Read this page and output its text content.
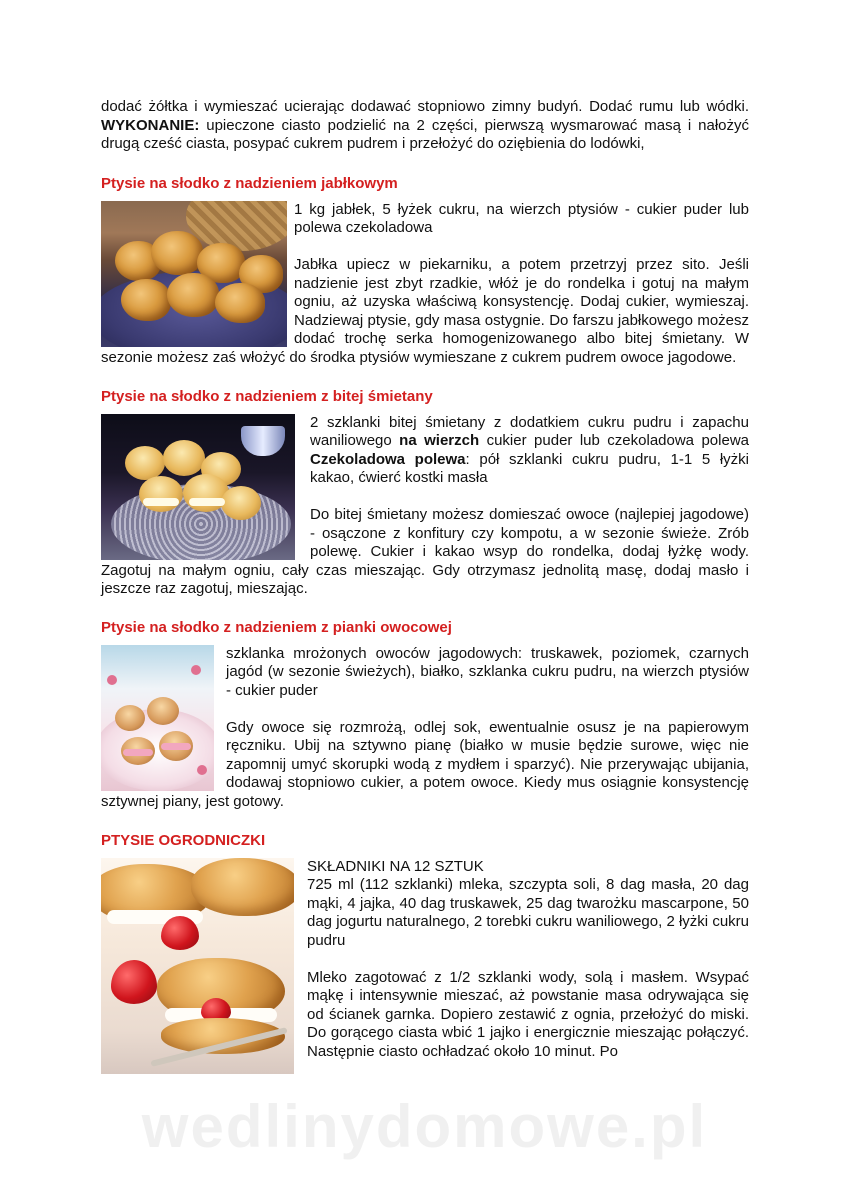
dodać żółtka i wymieszać ucierając dodawać stopniowo zimny budyń. Dodać rumu lub wódki. WYKONANIE: upieczone ciasto podzielić na 2 części, pierwszą wysmarować masą i nałożyć drugą cześć ciasta, posypać cukrem pudrem i przełożyć do oziębienia do lodówki,

Ptysie na słodko z nadzieniem jabłkowym

1 kg jabłek, 5 łyżek cukru, na wierzch ptysiów - cukier puder lub polewa czekoladowa

Jabłka upiecz w piekarniku, a potem przetrzyj przez sito. Jeśli nadzienie jest zbyt rzadkie, włóż je do rondelka i gotuj na małym ogniu, aż uzyska właściwą konsystencję. Dodaj cukier, wymieszaj. Nadziewaj ptysie, gdy masa ostygnie. Do farszu jabłkowego możesz dodać trochę serka homogenizowanego albo bitej śmietany. W sezonie możesz zaś włożyć do środka ptysiów wymieszane z cukrem pudrem owoce jagodowe.

Ptysie na słodko z nadzieniem z bitej śmietany

2 szklanki bitej śmietany z dodatkiem cukru pudru i zapachu waniliowego na wierzch cukier puder lub czekoladowa polewa Czekoladowa polewa: pół szklanki cukru pudru, 1-1 5 łyżki kakao, ćwierć kostki masła

Do bitej śmietany możesz domieszać owoce (najlepiej jagodowe) - osączone z konfitury czy kompotu, a w sezonie świeże. Zrób polewę. Cukier i kakao wsyp do rondelka, dodaj łyżkę wody. Zagotuj na małym ogniu, cały czas mieszając. Gdy otrzymasz jednolitą masę, dodaj masło i jeszcze raz zagotuj, mieszając.

Ptysie na słodko z nadzieniem z pianki owocowej

szklanka mrożonych owoców jagodowych: truskawek, poziomek, czarnych jagód (w sezonie świeżych), białko, szklanka cukru pudru, na wierzch ptysiów - cukier puder

Gdy owoce się rozmrożą, odlej sok, ewentualnie osusz je na papierowym ręczniku. Ubij na sztywno pianę (białko w musie będzie surowe, więc nie zapomnij umyć skorupki wodą z mydłem i sparzyć). Nie przerywając ubijania, dodawaj stopniowo cukier, a potem owoce. Kiedy mus osiągnie konsystencję sztywnej piany, jest gotowy.

PTYSIE OGRODNICZKI

SKŁADNIKI NA 12 SZTUK

725 ml (112 szklanki) mleka, szczypta soli, 8 dag masła, 20 dag mąki, 4 jajka, 40 dag truskawek, 25 dag twarożku mascarpone, 50 dag jogurtu naturalnego, 2 torebki cukru waniliowego, 2 łyżki cukru pudru

Mleko zagotować z 1/2 szklanki wody, solą i masłem. Wsypać mąkę i intensywnie mieszać, aż powstanie masa odrywająca się od ścianek garnka. Dopiero zestawić z ognia, przełożyć do miski. Do gorącego ciasta wbić 1 jajko i energicznie mieszając połączyć. Następnie ciasto ochładzać około 10 minut. Po

wedlinydomowe.pl
